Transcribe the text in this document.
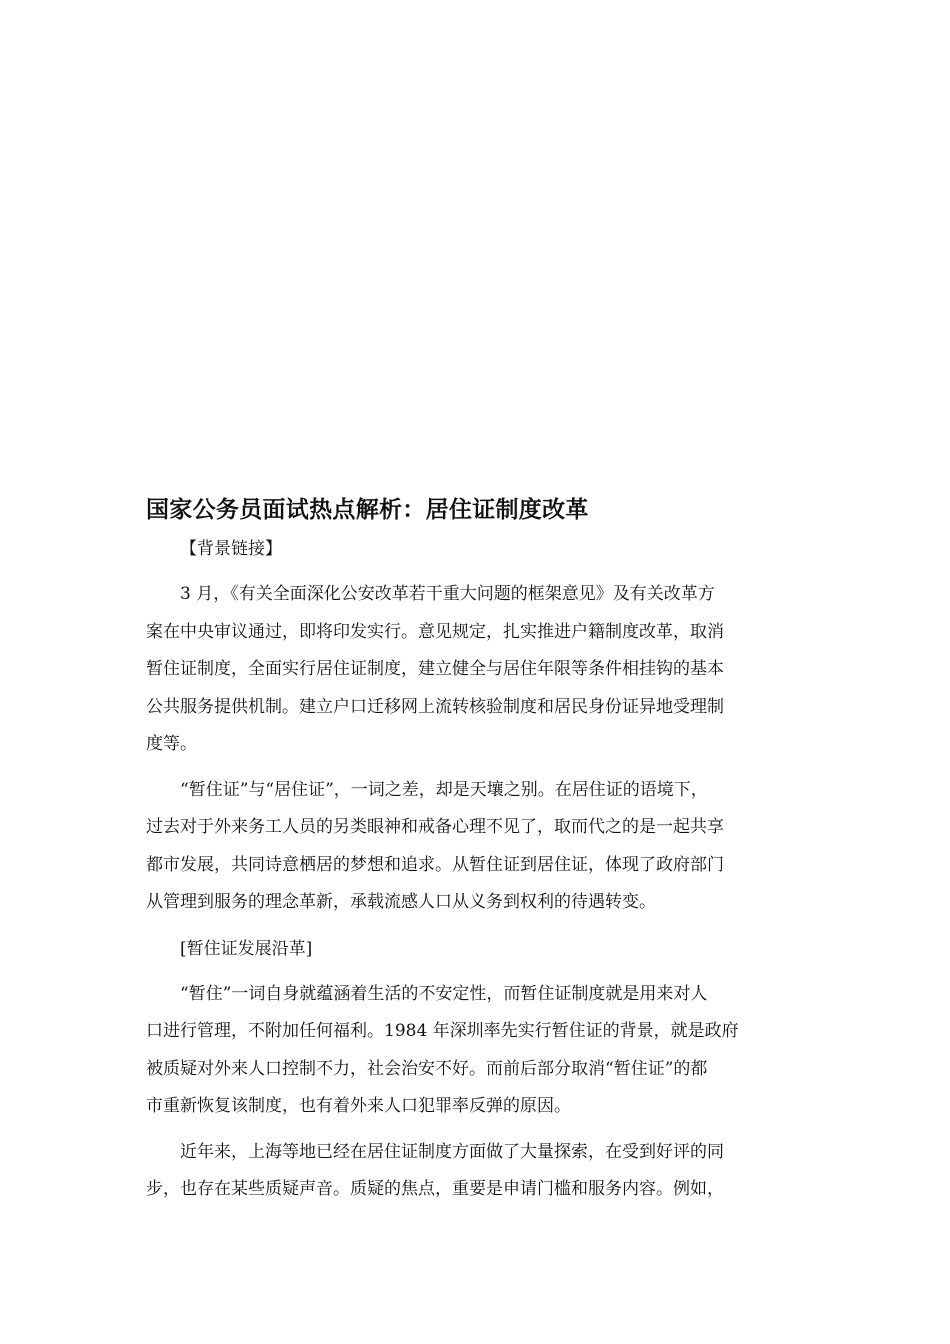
国家公务员面试热点解析：居住证制度改革

【背景链接】

3 月，《有关全面深化公安改革若干重大问题的框架意见》及有关改革方
案在中央审议通过，即将印发实行。意见规定，扎实推进户籍制度改革，取消
暂住证制度，全面实行居住证制度，建立健全与居住年限等条件相挂钩的基本
公共服务提供机制。建立户口迁移网上流转核验制度和居民身份证异地受理制
度等。

“暂住证”与“居住证”，一词之差，却是天壤之别。在居住证的语境下，
过去对于外来务工人员的另类眼神和戒备心理不见了，取而代之的是一起共享
都市发展，共同诗意栖居的梦想和追求。从暂住证到居住证，体现了政府部门
从管理到服务的理念革新，承载流感人口从义务到权利的待遇转变。

[暂住证发展沿革]

“暂住”一词自身就蕴涵着生活的不安定性，而暂住证制度就是用来对人
口进行管理，不附加任何福利。1984 年深圳率先实行暂住证的背景，就是政府
被质疑对外来人口控制不力，社会治安不好。而前后部分取消“暂住证”的都
市重新恢复该制度，也有着外来人口犯罪率反弹的原因。

近年来，上海等地已经在居住证制度方面做了大量探索，在受到好评的同
步，也存在某些质疑声音。质疑的焦点，重要是申请门槛和服务内容。例如，
